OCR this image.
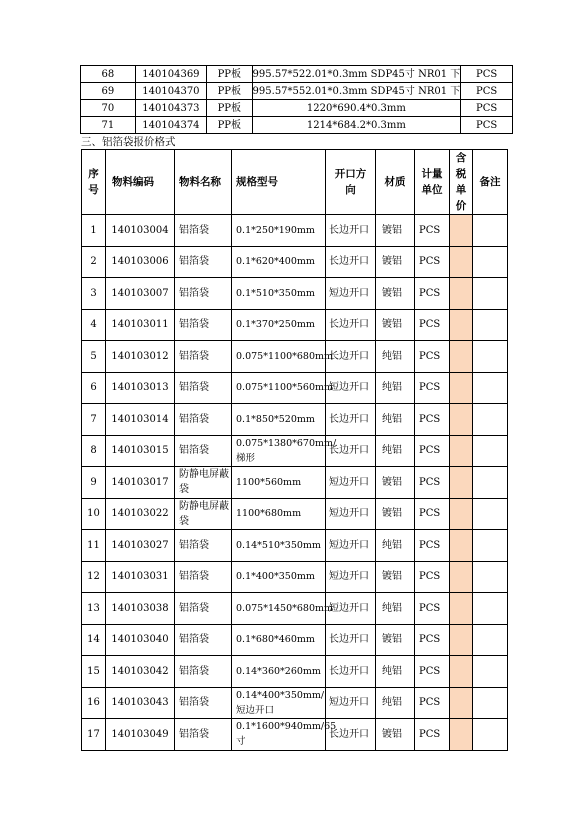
68	140104369	PP板	995.57*522.01*0.3mm SDP45寸 NR01 下	PCS
69	140104370	PP板	995.57*552.01*0.3mm SDP45寸 NR01 下	PCS
70	140104373	PP板	1220*690.4*0.3mm	PCS
71	140104374	PP板	1214*684.2*0.3mm	PCS
三、铝箔袋报价格式
序号	物料编码	物料名称	规格型号	开口方向	材质	计量单位	含税单价	备注
1	140103004	铝箔袋	0.1*250*190mm	长边开口	镀铝	PCS		
2	140103006	铝箔袋	0.1*620*400mm	长边开口	镀铝	PCS		
3	140103007	铝箔袋	0.1*510*350mm	短边开口	镀铝	PCS		
4	140103011	铝箔袋	0.1*370*250mm	长边开口	镀铝	PCS		
5	140103012	铝箔袋	0.075*1100*680mm	长边开口	纯铝	PCS		
6	140103013	铝箔袋	0.075*1100*560mm	短边开口	纯铝	PCS		
7	140103014	铝箔袋	0.1*850*520mm	长边开口	纯铝	PCS		
8	140103015	铝箔袋	0.075*1380*670mm/梯形	长边开口	纯铝	PCS		
9	140103017	防静电屏蔽袋	1100*560mm	短边开口	镀铝	PCS		
10	140103022	防静电屏蔽袋	1100*680mm	短边开口	镀铝	PCS		
11	140103027	铝箔袋	0.14*510*350mm	短边开口	纯铝	PCS		
12	140103031	铝箔袋	0.1*400*350mm	短边开口	镀铝	PCS		
13	140103038	铝箔袋	0.075*1450*680mm	短边开口	纯铝	PCS		
14	140103040	铝箔袋	0.1*680*460mm	长边开口	镀铝	PCS		
15	140103042	铝箔袋	0.14*360*260mm	长边开口	纯铝	PCS		
16	140103043	铝箔袋	0.14*400*350mm/短边开口	短边开口	纯铝	PCS		
17	140103049	铝箔袋	0.1*1600*940mm/65寸	长边开口	镀铝	PCS		
